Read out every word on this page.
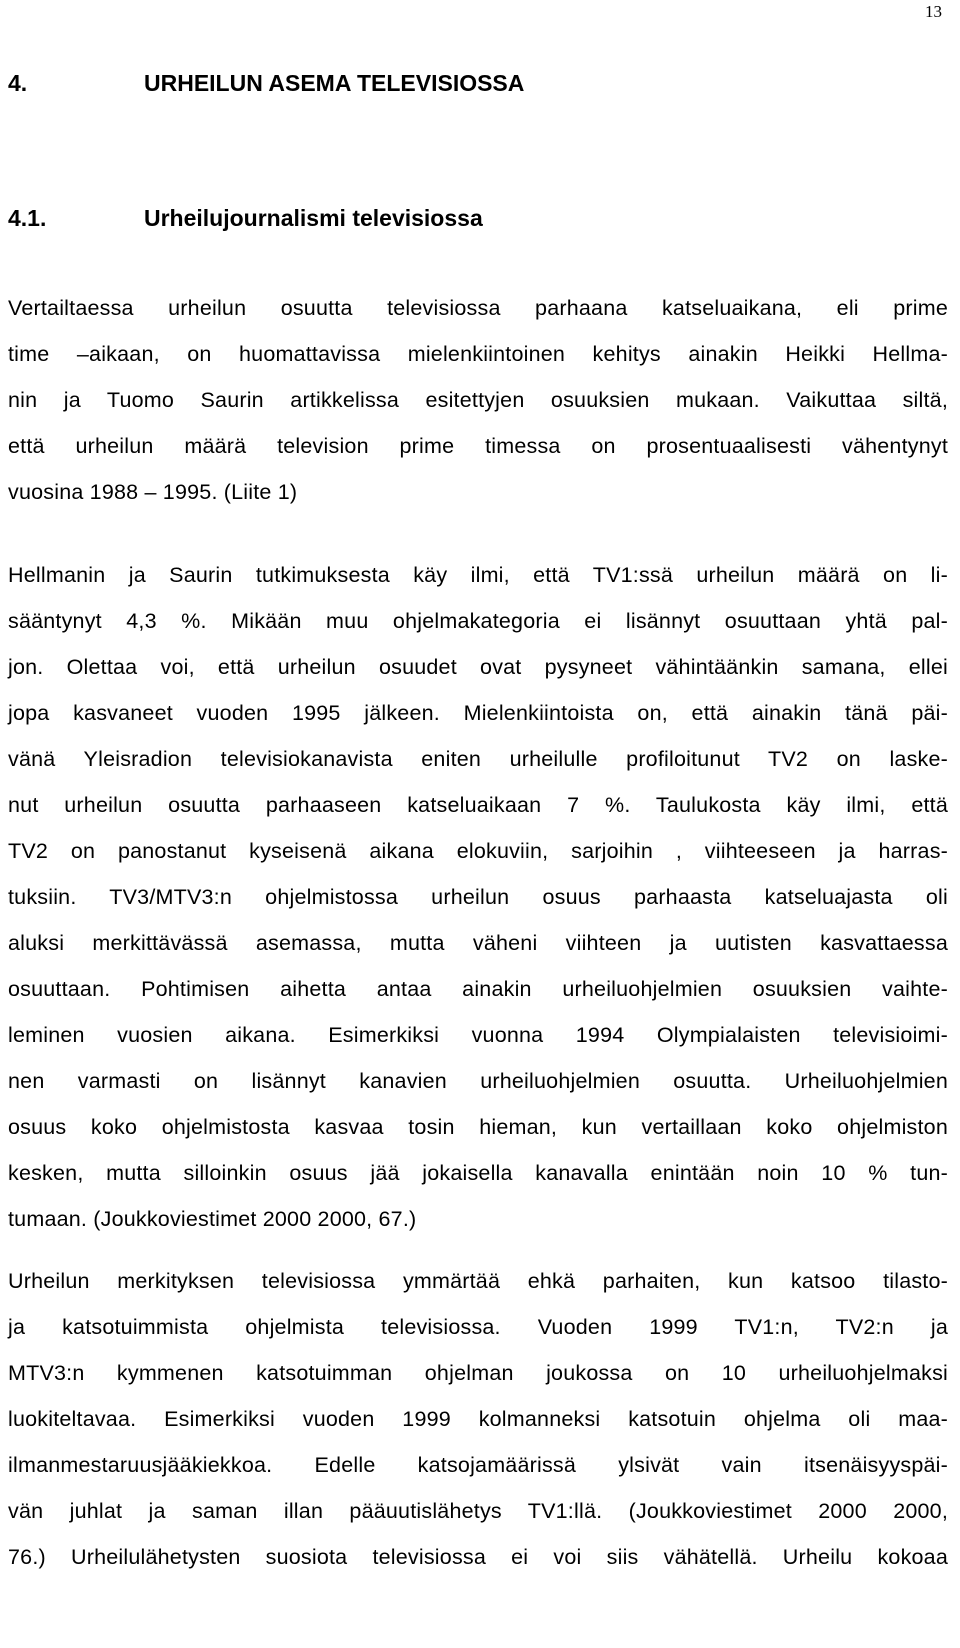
13
4.	URHEILUN ASEMA TELEVISIOSSA
4.1.	Urheilujournalismi televisiossa
Vertailtaessa urheilun osuutta televisiossa parhaana katseluaikana, eli prime
time –aikaan, on huomattavissa mielenkiintoinen kehitys ainakin Heikki Hellma-
nin ja Tuomo Saurin artikkelissa esitettyjen osuuksien mukaan. Vaikuttaa siltä,
että urheilun määrä television prime timessa on prosentuaalisesti vähentynyt
vuosina 1988 – 1995. (Liite 1)
Hellmanin ja Saurin tutkimuksesta käy ilmi, että TV1:ssä urheilun määrä on li-
sääntynyt 4,3 %. Mikään muu ohjelmakategoria ei lisännyt osuuttaan yhtä pal-
jon. Olettaa voi, että urheilun osuudet ovat pysyneet vähintäänkin samana, ellei
jopa kasvaneet vuoden 1995 jälkeen. Mielenkiintoista on, että ainakin tänä päi-
vänä Yleisradion televisiokanavista eniten urheilulle profiloitunut TV2 on laske-
nut urheilun osuutta parhaaseen katseluaikaan 7 %. Taulukosta käy ilmi, että
TV2 on panostanut kyseisenä aikana elokuviin, sarjoihin , viihteeseen ja harras-
tuksiin. TV3/MTV3:n ohjelmistossa urheilun osuus parhaasta katseluajasta oli
aluksi merkittävässä asemassa, mutta väheni viihteen ja uutisten kasvattaessa
osuuttaan. Pohtimisen aihetta antaa ainakin urheiluohjelmien osuuksien vaihte-
leminen vuosien aikana. Esimerkiksi vuonna 1994 Olympialaisten televisioimi-
nen varmasti on lisännyt kanavien urheiluohjelmien osuutta. Urheiluohjelmien
osuus koko ohjelmistosta kasvaa tosin hieman, kun vertaillaan koko ohjelmiston
kesken, mutta silloinkin osuus jää jokaisella kanavalla enintään noin 10 % tun-
tumaan. (Joukkoviestimet 2000 2000, 67.)
Urheilun merkityksen televisiossa ymmärtää ehkä parhaiten, kun katsoo tilasto-
ja katsotuimmista ohjelmista televisiossa. Vuoden 1999 TV1:n, TV2:n ja
MTV3:n kymmenen katsotuimman ohjelman joukossa on 10 urheiluohjelmaksi
luokiteltavaa. Esimerkiksi vuoden 1999 kolmanneksi katsotuin ohjelma oli maa-
ilmanmestaruusjääkiekkoa. Edelle katsojamäärissä ylsivät vain itsenäisyyspäi-
vän juhlat ja saman illan pääuutislähetys TV1:llä. (Joukkoviestimet 2000 2000,
76.) Urheilulähetysten suosiota televisiossa ei voi siis vähätellä. Urheilu kokoaa
